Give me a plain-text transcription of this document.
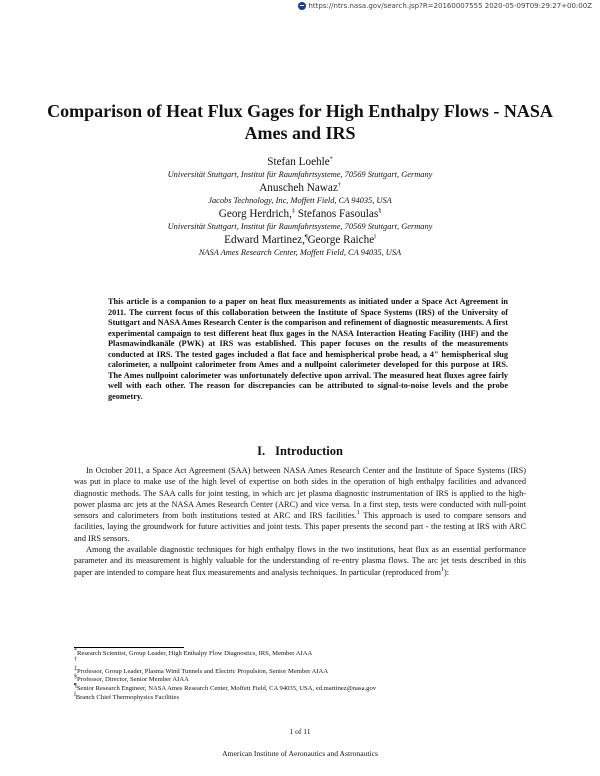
https://ntrs.nasa.gov/search.jsp?R=20160007555 2020-05-09T09:29:27+00:00Z
Comparison of Heat Flux Gages for High Enthalpy Flows - NASA Ames and IRS
Stefan Loehle*
Universität Stuttgart, Institut für Raumfahrtsysteme, 70569 Stuttgart, Germany
Anuscheh Nawaz†
Jacobs Technology, Inc, Moffett Field, CA 94035, USA
Georg Herdrich,‡ Stefanos Fasoulas§
Universität Stuttgart, Institut für Raumfahrtsysteme, 70569 Stuttgart, Germany
Edward Martinez,¶George Raiche‖
NASA Ames Research Center, Moffett Field, CA 94035, USA

This article is a companion to a paper on heat flux measurements as initiated under a Space Act Agreement in 2011. The current focus of this collaboration between the Institute of Space Systems (IRS) of the University of Stuttgart and NASA Ames Research Center is the comparison and refinement of diagnostic measurements. A first experimental campaign to test different heat flux gages in the NASA Interaction Heating Facility (IHF) and the Plasmawindkanäle (PWK) at IRS was established. This paper focuses on the results of the measurements conducted at IRS. The tested gages included a flat face and hemispherical probe head, a 4" hemispherical slug calorimeter, a nullpoint calorimeter from Ames and a nullpoint calorimeter developed for this purpose at IRS. The Ames nullpoint calorimeter was unfortunately defective upon arrival. The measured heat fluxes agree fairly well with each other. The reason for discrepancies can be attributed to signal-to-noise levels and the probe geometry.

I. Introduction

In October 2011, a Space Act Agreement (SAA) between NASA Ames Research Center and the Institute of Space Systems (IRS) was put in place to make use of the high level of expertise on both sides in the operation of high enthalpy facilities and advanced diagnostic methods. The SAA calls for joint testing, in which arc jet plasma diagnostic instrumentation of IRS is applied to the high-power plasma arc jets at the NASA Ames Research Center (ARC) and vice versa. In a first step, tests were conducted with null-point sensors and calorimeters from both institutions tested at ARC and IRS facilities.$^1$ This approach is used to compare sensors and facilities, laying the groundwork for future activities and joint tests. This paper presents the second part - the testing at IRS with ARC and IRS sensors.

Among the available diagnostic techniques for high enthalpy flows in the two institutions, heat flux as an essential performance parameter and its measurement is highly valuable for the understanding of re-entry plasma flows. The arc jet tests described in this paper are intended to compare heat flux measurements and analysis techniques. In particular (reproduced from$^1$):

*Research Scientist, Group Leader, High Enthalpy Flow Diagnostics, IRS, Member AIAA
†
‡Professor, Group Leader, Plasma Wind Tunnels and Electric Propulsion, Senior Member AIAA
§Professor, Director, Senior Member AIAA
¶Senior Research Engineer, NASA Ames Research Center, Moffett Field, CA 94035, USA, ed.martinez@nasa.gov
‖Branch Chief Thermophysics Facilities
1 of 11
American Institute of Aeronautics and Astronautics
